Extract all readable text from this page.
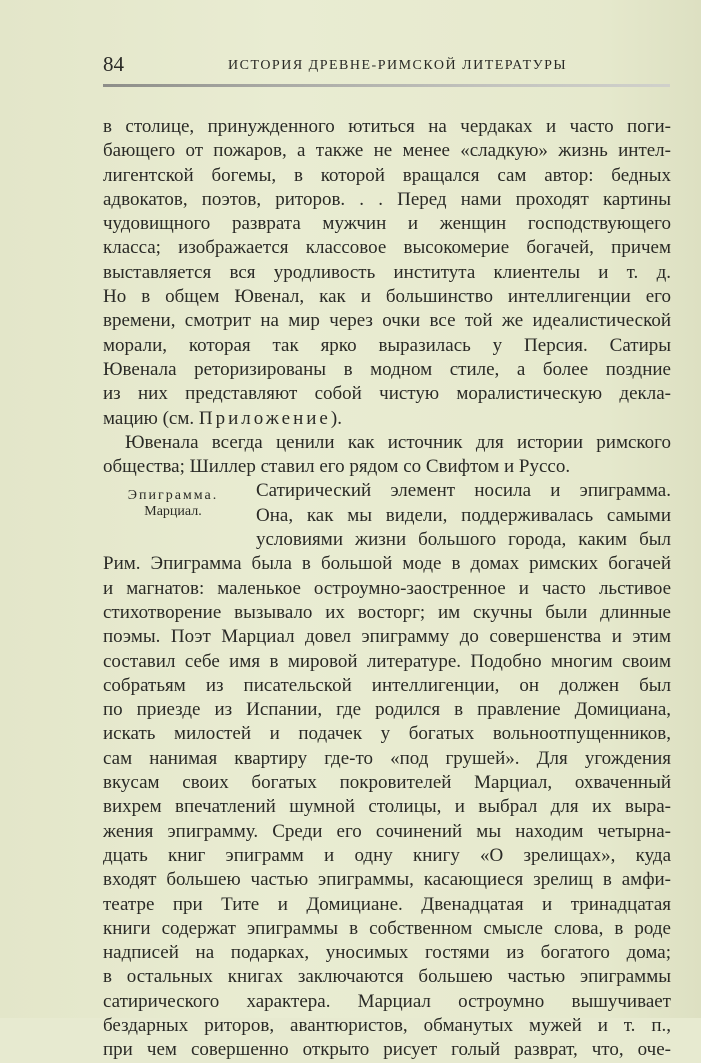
84	ИСТОРИЯ ДРЕВНЕ-РИМСКОЙ ЛИТЕРАТУРЫ
Эпиграмма.
Марциал.
в столице, принужденного ютиться на чердаках и часто поги-
бающего от пожаров, а также не менее «сладкую» жизнь интел-
лигентской богемы, в которой вращался сам автор: бедных
адвокатов, поэтов, риторов. . . Перед нами проходят картины
чудовищного разврата мужчин и женщин господствующего
класса; изображается классовое высокомерие богачей, причем
выставляется вся уродливость института клиентелы и т. д.
Но в общем Ювенал, как и большинство интеллигенции его
времени, смотрит на мир через очки все той же идеалистической
морали, которая так ярко выразилась у Персия. Сатиры
Ювенала реторизированы в модном стиле, а более поздние
из них представляют собой чистую моралистическую декла-
мацию (см. Приложение).
Ювенала всегда ценили как источник для истории римского
общества; Шиллер ставил его рядом со Свифтом и Руссо.
Сатирический элемент носила и эпиграмма.
Она, как мы видели, поддерживалась самыми
условиями жизни большого города, каким был
Рим. Эпиграмма была в большой моде в домах римских богачей
и магнатов: маленькое остроумно-заостренное и часто льстивое
стихотворение вызывало их восторг; им скучны были длинные
поэмы. Поэт Марциал довел эпиграмму до совершенства и этим
составил себе имя в мировой литературе. Подобно многим своим
собратьям из писательской интеллигенции, он должен был
по приезде из Испании, где родился в правление Домициана,
искать милостей и подачек у богатых вольноотпущенников,
сам нанимая квартиру где-то «под грушей». Для угождения
вкусам своих богатых покровителей Марциал, охваченный
вихрем впечатлений шумной столицы, и выбрал для их выра-
жения эпиграмму. Среди его сочинений мы находим четырна-
дцать книг эпиграмм и одну книгу «О зрелищах», куда
входят большею частью эпиграммы, касающиеся зрелищ в амфи-
театре при Тите и Домициане. Двенадцатая и тринадцатая
книги содержат эпиграммы в собственном смысле слова, в роде
надписей на подарках, уносимых гостями из богатого дома;
в остальных книгах заключаются большею частью эпиграммы
сатирического характера. Марциал остроумно вышучивает
бездарных риторов, авантюристов, обманутых мужей и т. п.,
при чем совершенно открыто рисует голый разврат, что, оче-
